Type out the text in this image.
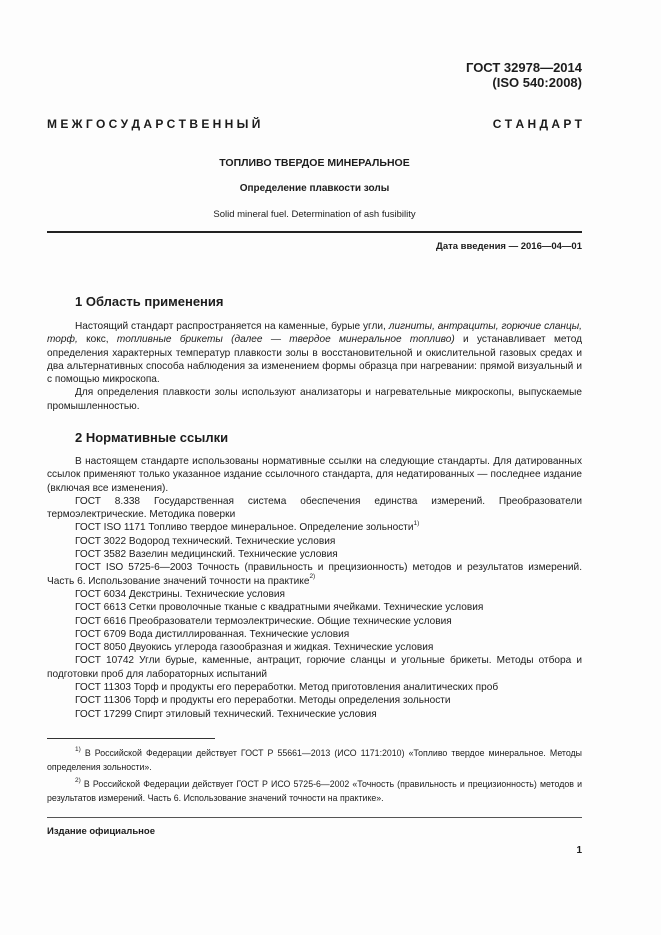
ГОСТ 32978—2014
(ISO 540:2008)
М Е Ж Г О С У Д А Р С Т В Е Н Н Ы Й	С Т А Н Д А Р Т
ТОПЛИВО ТВЕРДОЕ МИНЕРАЛЬНОЕ
Определение плавкости золы
Solid mineral fuel. Determination of ash fusibility
Дата введения — 2016—04—01
1 Область применения

Настоящий стандарт распространяется на каменные, бурые угли, лигниты, антрациты, горючие сланцы, торф, кокс, топливные брикеты (далее — твердое минеральное топливо) и устанавливает метод определения характерных температур плавкости золы в восстановительной и окислительной газовых средах и два альтернативных способа наблюдения за изменением формы образца при нагревании: прямой визуальный и с помощью микроскопа.

Для определения плавкости золы используют анализаторы и нагревательные микроскопы, выпускаемые промышленностью.

2 Нормативные ссылки

В настоящем стандарте использованы нормативные ссылки на следующие стандарты. Для датированных ссылок применяют только указанное издание ссылочного стандарта, для недатированных — последнее издание (включая все изменения).

ГОСТ 8.338 Государственная система обеспечения единства измерений. Преобразователи термоэлектрические. Методика поверки

ГОСТ ISO 1171 Топливо твердое минеральное. Определение зольности$^{1)}$

ГОСТ 3022 Водород технический. Технические условия

ГОСТ 3582 Вазелин медицинский. Технические условия

ГОСТ ISO 5725-6—2003 Точность (правильность и прецизионность) методов и результатов измерений. Часть 6. Использование значений точности на практике$^{2)}$

ГОСТ 6034 Декстрины. Технические условия

ГОСТ 6613 Сетки проволочные тканые с квадратными ячейками. Технические условия

ГОСТ 6616 Преобразователи термоэлектрические. Общие технические условия

ГОСТ 6709 Вода дистиллированная. Технические условия

ГОСТ 8050 Двуокись углерода газообразная и жидкая. Технические условия

ГОСТ 10742 Угли бурые, каменные, антрацит, горючие сланцы и угольные брикеты. Методы отбора и подготовки проб для лабораторных испытаний

ГОСТ 11303 Торф и продукты его переработки. Метод приготовления аналитических проб

ГОСТ 11306 Торф и продукты его переработки. Методы определения зольности

ГОСТ 17299 Спирт этиловый технический. Технические условия

$^{1)}$ В Российской Федерации действует ГОСТ Р 55661—2013 (ИСО 1171:2010) «Топливо твердое минеральное. Методы определения зольности».

$^{2)}$ В Российской Федерации действует ГОСТ Р ИСО 5725-6—2002 «Точность (правильность и прецизионность) методов и результатов измерений. Часть 6. Использование значений точности на практике».

Издание официальное
1
